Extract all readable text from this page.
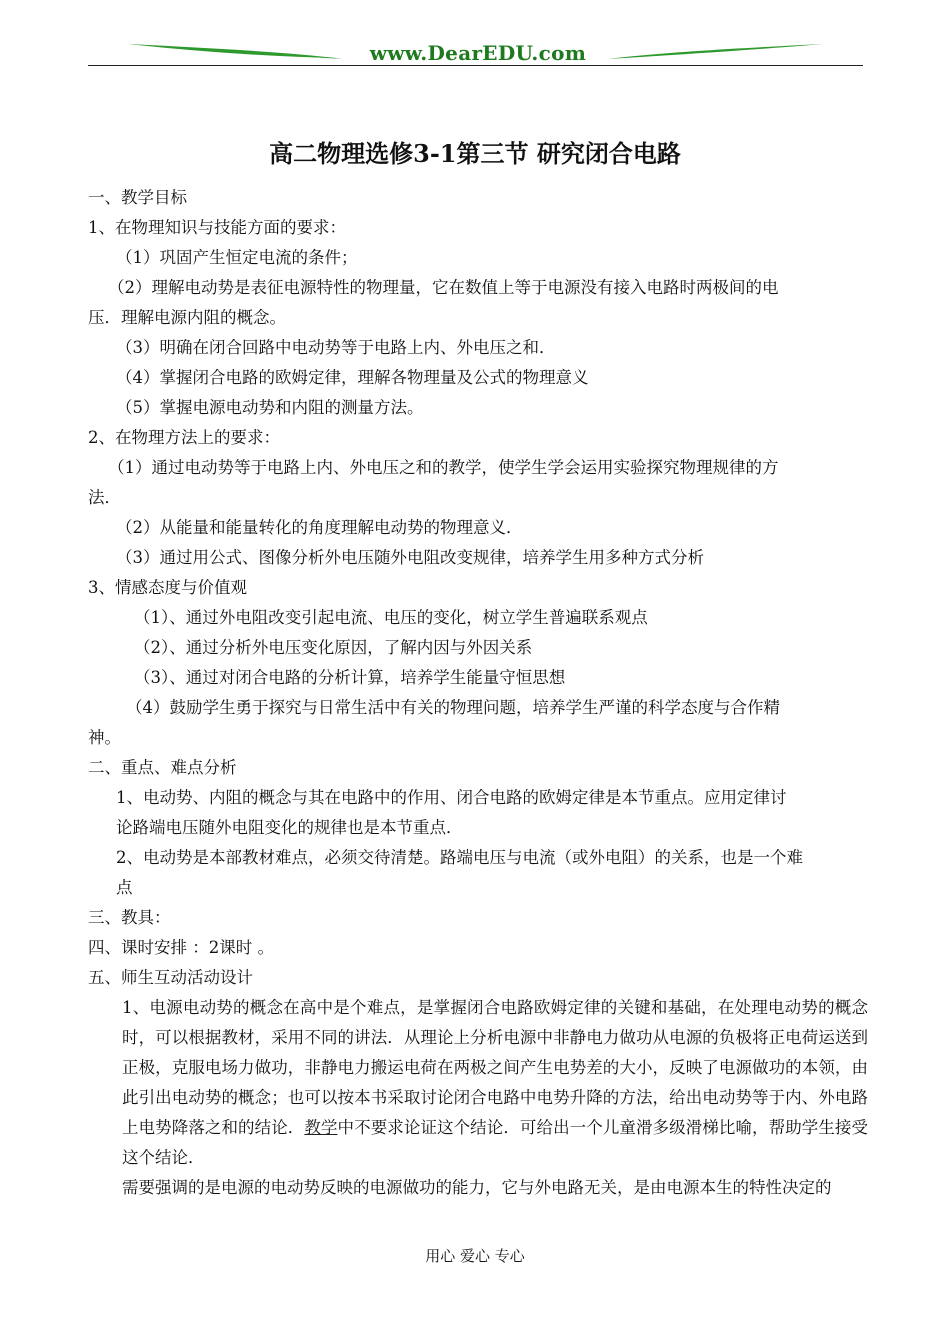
www.DearEDU.com
高二物理选修3-1第三节 研究闭合电路
一、教学目标
1、在物理知识与技能方面的要求：
（1）巩固产生恒定电流的条件；
（2）理解电动势是表征电源特性的物理量，它在数值上等于电源没有接入电路时两极间的电
压．理解电源内阻的概念。
（3）明确在闭合回路中电动势等于电路上内、外电压之和．
（4）掌握闭合电路的欧姆定律，理解各物理量及公式的物理意义
（5）掌握电源电动势和内阻的测量方法。
2、在物理方法上的要求：
（1）通过电动势等于电路上内、外电压之和的教学，使学生学会运用实验探究物理规律的方
法．
（2）从能量和能量转化的角度理解电动势的物理意义．
（3）通过用公式、图像分析外电压随外电阻改变规律，培养学生用多种方式分析
3、情感态度与价值观
（1）、通过外电阻改变引起电流、电压的变化，树立学生普遍联系观点
（2）、通过分析外电压变化原因，了解内因与外因关系
（3）、通过对闭合电路的分析计算，培养学生能量守恒思想
（4）鼓励学生勇于探究与日常生活中有关的物理问题，培养学生严谨的科学态度与合作精
神。
二、重点、难点分析
1、电动势、内阻的概念与其在电路中的作用、闭合电路的欧姆定律是本节重点。应用定律讨
论路端电压随外电阻变化的规律也是本节重点．
2、电动势是本部教材难点，必须交待清楚。路端电压与电流（或外电阻）的关系，也是一个难
点
三、教具：
四、课时安排 ：2课时 。
五、师生互动活动设计
1、电源电动势的概念在高中是个难点，是掌握闭合电路欧姆定律的关键和基础，在处理电动势的概念时，可以根据教材，采用不同的讲法．从理论上分析电源中非静电力做功从电源的负极将正电荷运送到正极，克服电场力做功，非静电力搬运电荷在两极之间产生电势差的大小，反映了电源做功的本领，由此引出电动势的概念；也可以按本书采取讨论闭合电路中电势升降的方法，给出电动势等于内、外电路上电势降落之和的结论．教学中不要求论证这个结论．可给出一个儿童滑多级滑梯比喻，帮助学生接受这个结论．
需要强调的是电源的电动势反映的电源做功的能力，它与外电路无关，是由电源本生的特性决定的
用心 爱心 专心
